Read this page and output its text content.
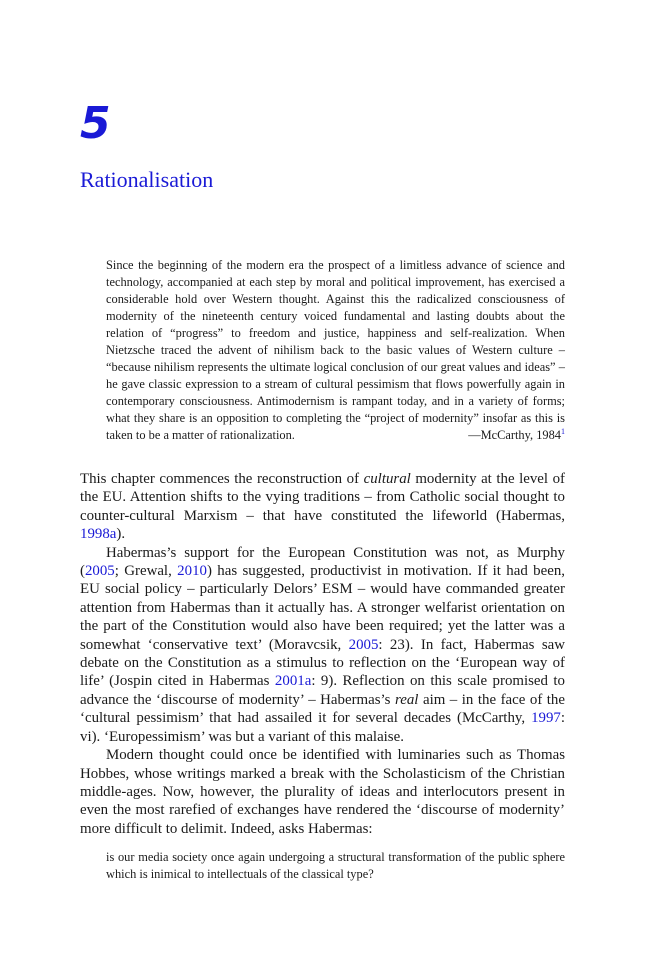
5
Rationalisation
Since the beginning of the modern era the prospect of a limitless advance of science and technology, accompanied at each step by moral and political improvement, has exercised a considerable hold over Western thought. Against this the radicalized consciousness of modernity of the nineteenth century voiced fundamental and lasting doubts about the relation of “progress” to freedom and justice, happiness and self-realization. When Nietzsche traced the advent of nihilism back to the basic values of Western culture – “because nihilism represents the ultimate logical conclusion of our great values and ideas” – he gave classic expression to a stream of cultural pessimism that flows powerfully again in contemporary consciousness. Antimodernism is rampant today, and in a variety of forms; what they share is an opposition to completing the “project of modernity” insofar as this is taken to be a matter of rationalization.	—McCarthy, 1984$^1$

This chapter commences the reconstruction of cultural modernity at the level of the EU. Attention shifts to the vying traditions – from Catholic social thought to counter-cultural Marxism – that have constituted the lifeworld (Habermas, 1998a).

Habermas’s support for the European Constitution was not, as Murphy (2005; Grewal, 2010) has suggested, productivist in motivation. If it had been, EU social policy – particularly Delors’ ESM – would have commanded greater attention from Habermas than it actually has. A stronger welfarist orientation on the part of the Constitution would also have been required; yet the latter was a somewhat ‘conservative text’ (Moravcsik, 2005: 23). In fact, Habermas saw debate on the Constitution as a stimulus to reflection on the ‘European way of life’ (Jospin cited in Habermas 2001a: 9). Reflection on this scale promised to advance the ‘discourse of modernity’ – Habermas’s real aim – in the face of the ‘cultural pessimism’ that had assailed it for several decades (McCarthy, 1997: vi). ‘Europessimism’ was but a variant of this malaise.

Modern thought could once be identified with luminaries such as Thomas Hobbes, whose writings marked a break with the Scholasticism of the Christian middle-ages. Now, however, the plurality of ideas and interlocutors present in even the most rarefied of exchanges have rendered the ‘discourse of modernity’ more difficult to delimit. Indeed, asks Habermas:

is our media society once again undergoing a structural transformation of the public sphere which is inimical to intellectuals of the classical type?
